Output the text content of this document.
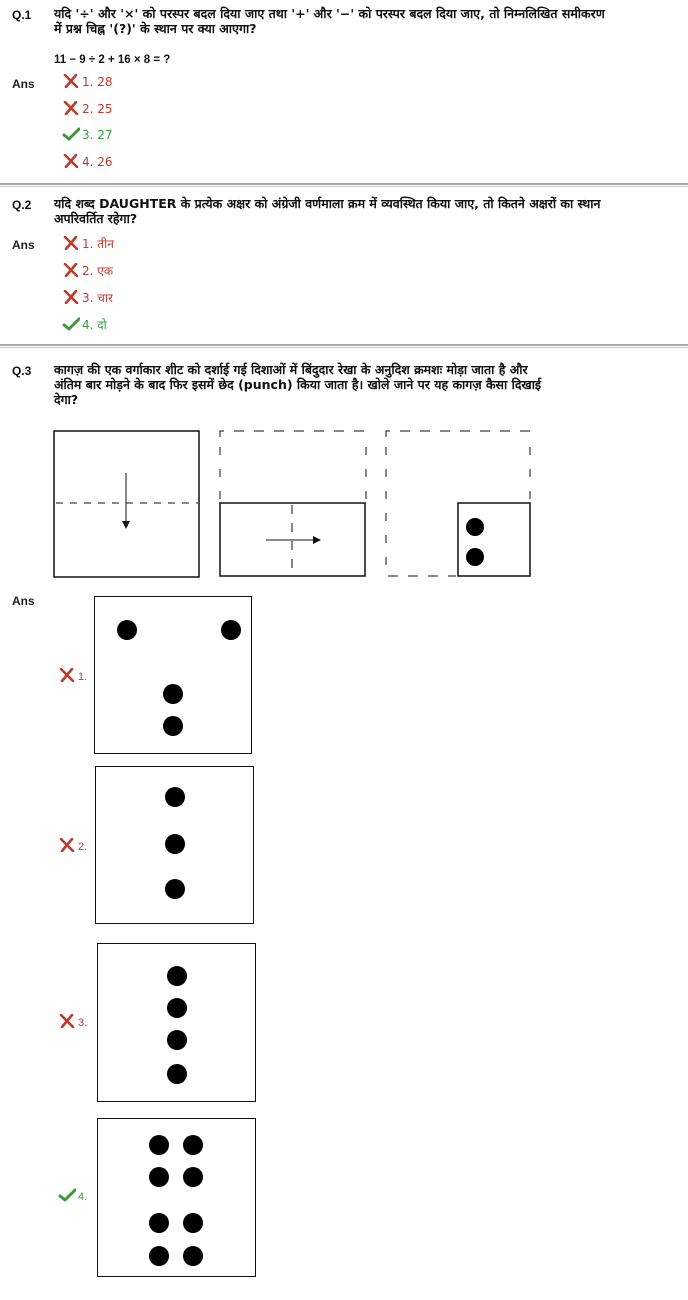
Q.1 यदि '÷' और '×' को परस्पर बदल दिया जाए तथा '+' और '−' को परस्पर बदल दिया जाए, तो निम्नलिखित समीकरण में प्रश्न चिह्न '(?)' के स्थान पर क्या आएगा?
11 − 9 ÷ 2 + 16 × 8 = ?
Ans	1. 28
2. 25
3. 27
4. 26
Q.2 यदि शब्द DAUGHTER के प्रत्येक अक्षर को अंग्रेजी वर्णमाला क्रम में व्यवस्थित किया जाए, तो कितने अक्षरों का स्थान अपरिवर्तित रहेगा?
Ans	1. तीन
2. एक
3. चार
4. दो
Q.3 कागज़ की एक वर्गाकार शीट को दर्शाई गई दिशाओं में बिंदुदार रेखा के अनुदिश क्रमशः मोड़ा जाता है और अंतिम बार मोड़ने के बाद फिर इसमें छेद (punch) किया जाता है। खोले जाने पर यह कागज़ कैसा दिखाई देगा?
Ans
1.
2.
3.
4.
